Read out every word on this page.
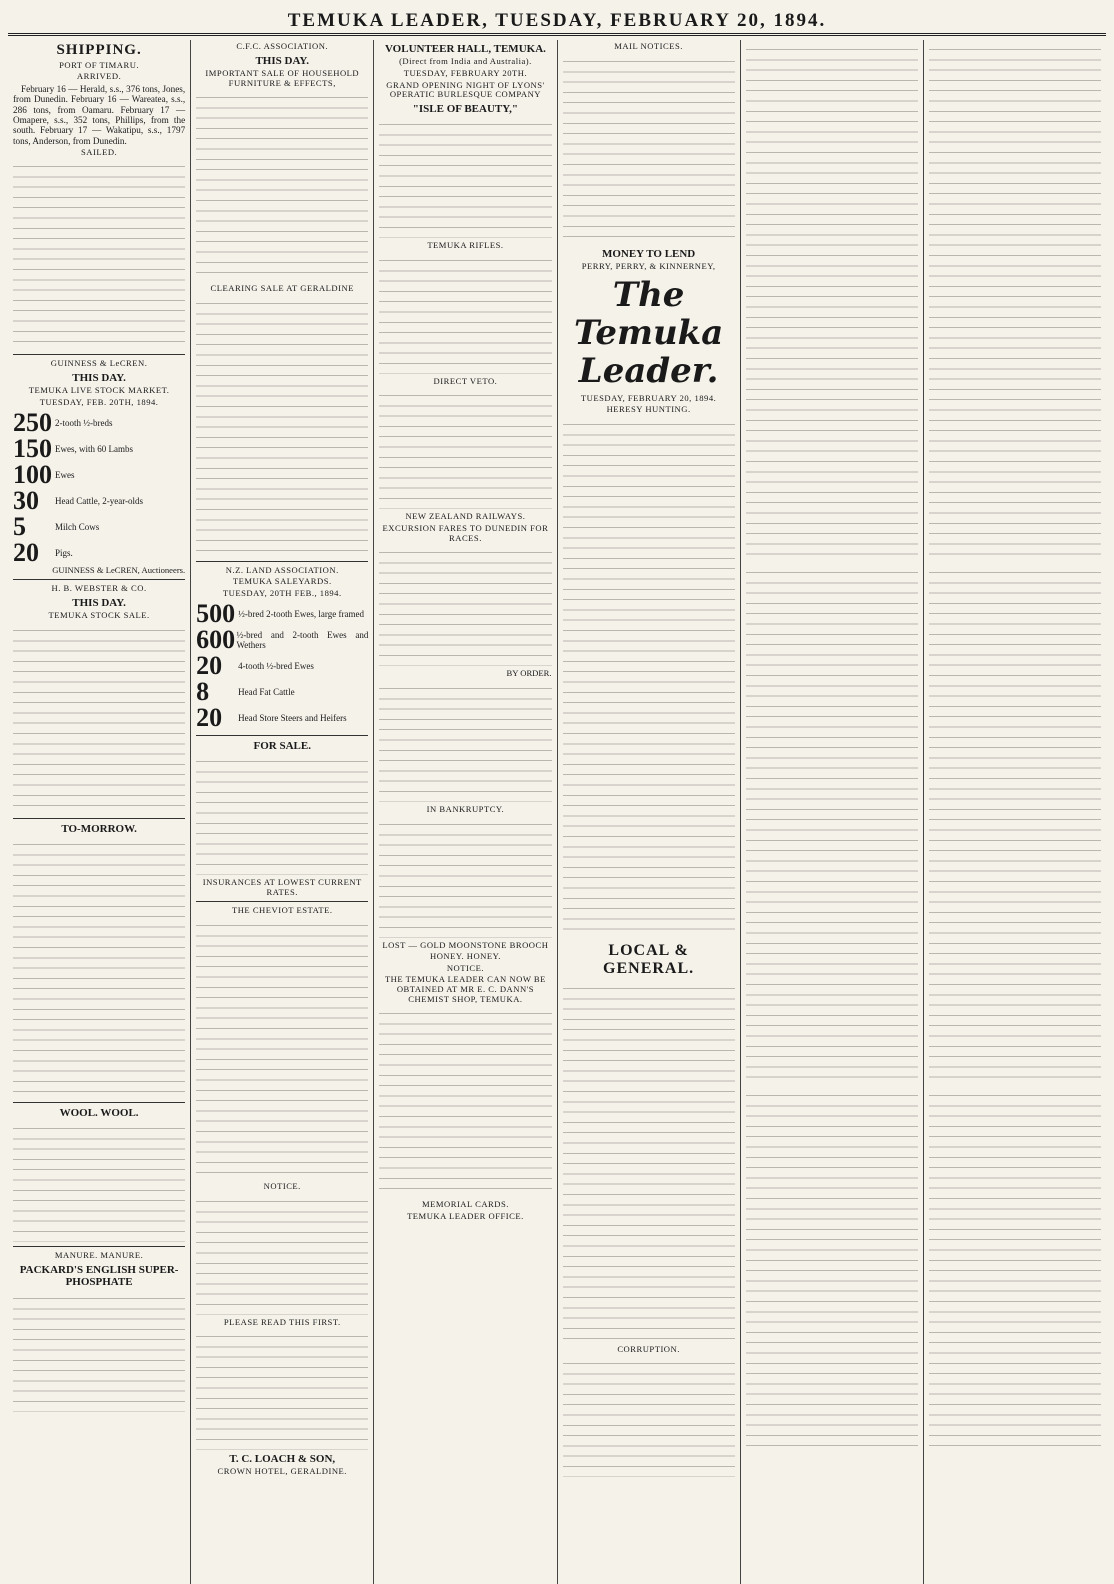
TEMUKA LEADER, TUESDAY, FEBRUARY 20, 1894.
SHIPPING.
PORT OF TIMARU.
ARRIVED.

February 16 — Herald, s.s., 376 tons, Jones, from Dunedin. February 16 — Wareatea, s.s., 286 tons, from Oamaru. February 17 — Omapere, s.s., 352 tons, Phillips, from the south. February 17 — Wakatipu, s.s., 1797 tons, Anderson, from Dunedin.

SAILED.
GUINNESS & LeCREN.
THIS DAY.
TEMUKA LIVE STOCK MARKET.
TUESDAY, FEB. 20TH, 1894.
250 2-tooth ½-breds
150 Ewes, with 60 Lambs
100 Ewes
30	Head Cattle, 2-year-olds
5	Milch Cows
20	Pigs.
GUINNESS & LeCREN, Auctioneers.
H. B. WEBSTER & CO.
THIS DAY.
TEMUKA STOCK SALE.
TO-MORROW.
WOOL. WOOL.
MANURE. MANURE.
PACKARD'S ENGLISH SUPER-PHOSPHATE
C.F.C. ASSOCIATION.
THIS DAY.
IMPORTANT SALE OF HOUSEHOLD FURNITURE & EFFECTS,
CLEARING SALE AT GERALDINE
N.Z. LAND ASSOCIATION.
TEMUKA SALEYARDS.
TUESDAY, 20TH FEB., 1894.
500 ½-bred 2-tooth Ewes, large framed
600 ½-bred and 2-tooth Ewes and Wethers
20	4-tooth ½-bred Ewes
8	Head Fat Cattle
20	Head Store Steers and Heifers
FOR SALE.
INSURANCES AT LOWEST CURRENT RATES.
THE CHEVIOT ESTATE.
NOTICE.
PLEASE READ THIS FIRST.
T. C. LOACH & SON,
CROWN HOTEL, GERALDINE.
VOLUNTEER HALL, TEMUKA.
(Direct from India and Australia).
TUESDAY, FEBRUARY 20TH.
GRAND OPENING NIGHT OF LYONS' OPERATIC BURLESQUE COMPANY
"ISLE OF BEAUTY,"
TEMUKA RIFLES.
DIRECT VETO.
NEW ZEALAND RAILWAYS.
EXCURSION FARES TO DUNEDIN FOR RACES.
BY ORDER.
IN BANKRUPTCY.
LOST — GOLD MOONSTONE BROOCH
HONEY. HONEY.
NOTICE.
THE TEMUKA LEADER CAN NOW BE OBTAINED AT MR E. C. DANN'S CHEMIST SHOP, TEMUKA.
MEMORIAL CARDS.
TEMUKA LEADER OFFICE.
MAIL NOTICES.
MONEY TO LEND
PERRY, PERRY, & KINNERNEY,
The Temuka Leader.
TUESDAY, FEBRUARY 20, 1894.
HERESY HUNTING.
LOCAL & GENERAL.
CORRUPTION.
